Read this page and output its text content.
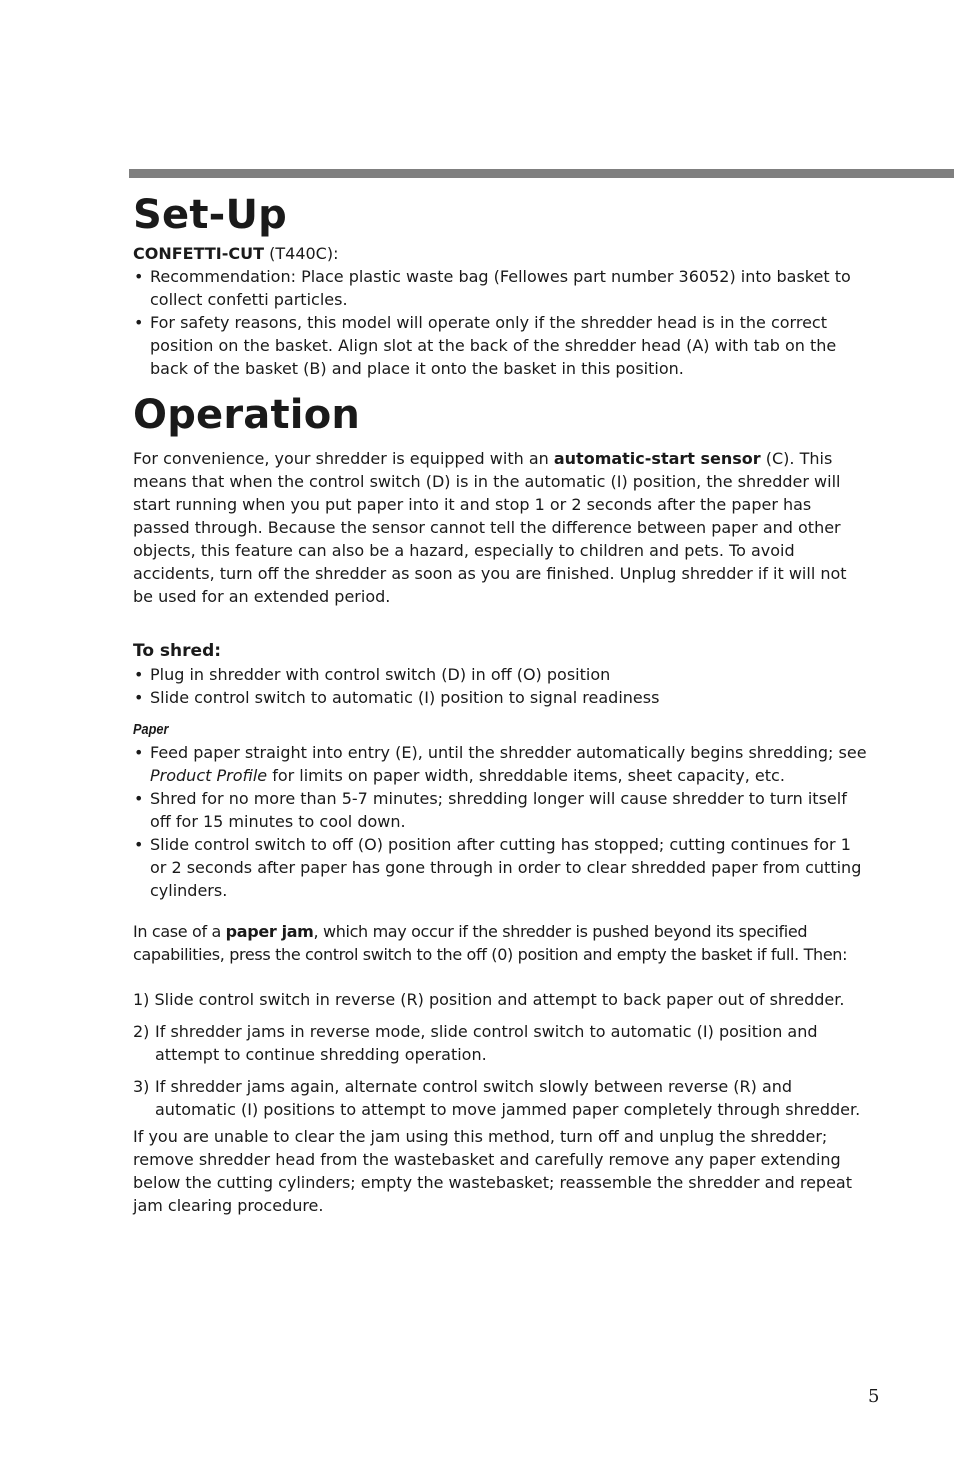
Set-Up

CONFETTI-CUT (T440C):

• Recommendation: Place plastic waste bag (Fellowes part number 36052) into basket to collect confetti particles.
• For safety reasons, this model will operate only if the shredder head is in the correct position on the basket. Align slot at the back of the shredder head (A) with tab on the back of the basket (B) and place it onto the basket in this position.
Operation

For convenience, your shredder is equipped with an automatic-start sensor (C). This means that when the control switch (D) is in the automatic (I) position, the shredder will start running when you put paper into it and stop 1 or 2 seconds after the paper has passed through. Because the sensor cannot tell the difference between paper and other objects, this feature can also be a hazard, especially to children and pets. To avoid accidents, turn off the shredder as soon as you are finished. Unplug shredder if it will not be used for an extended period.

To shred:

• Plug in shredder with control switch (D) in off (O) position
• Slide control switch to automatic (I) position to signal readiness

Paper

• Feed paper straight into entry (E), until the shredder automatically begins shredding; see Product Profile for limits on paper width, shreddable items, sheet capacity, etc.
• Shred for no more than 5-7 minutes; shredding longer will cause shredder to turn itself off for 15 minutes to cool down.
• Slide control switch to off (O) position after cutting has stopped; cutting continues for 1 or 2 seconds after paper has gone through in order to clear shredded paper from cutting cylinders.

In case of a paper jam, which may occur if the shredder is pushed beyond its specified capabilities, press the control switch to the off (0) position and empty the basket if full. Then:

1) Slide control switch in reverse (R) position and attempt to back paper out of shredder.
2) If shredder jams in reverse mode, slide control switch to automatic (I) position and attempt to continue shredding operation.
3) If shredder jams again, alternate control switch slowly between reverse (R) and automatic (I) positions to attempt to move jammed paper completely through shredder.

If you are unable to clear the jam using this method, turn off and unplug the shredder; remove shredder head from the wastebasket and carefully remove any paper extending below the cutting cylinders; empty the wastebasket; reassemble the shredder and repeat jam clearing procedure.

5
